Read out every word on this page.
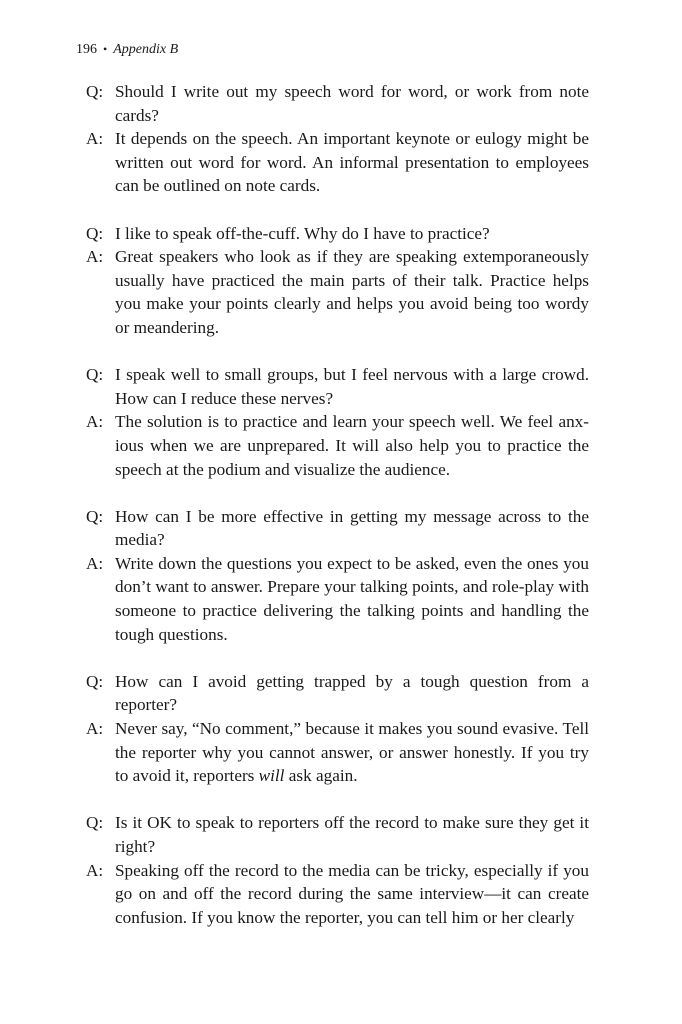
196 • Appendix B
Q: Should I write out my speech word for word, or work from note cards?
A: It depends on the speech. An important keynote or eulogy might be written out word for word. An informal presentation to employees can be outlined on note cards.
Q: I like to speak off-the-cuff. Why do I have to practice?
A: Great speakers who look as if they are speaking extemporaneously usually have practiced the main parts of their talk. Practice helps you make your points clearly and helps you avoid being too wordy or meandering.
Q: I speak well to small groups, but I feel nervous with a large crowd. How can I reduce these nerves?
A: The solution is to practice and learn your speech well. We feel anxious when we are unprepared. It will also help you to practice the speech at the podium and visualize the audience.
Q: How can I be more effective in getting my message across to the media?
A: Write down the questions you expect to be asked, even the ones you don’t want to answer. Prepare your talking points, and role-play with someone to practice delivering the talking points and handling the tough questions.
Q: How can I avoid getting trapped by a tough question from a reporter?
A: Never say, “No comment,” because it makes you sound evasive. Tell the reporter why you cannot answer, or answer honestly. If you try to avoid it, reporters will ask again.
Q: Is it OK to speak to reporters off the record to make sure they get it right?
A: Speaking off the record to the media can be tricky, especially if you go on and off the record during the same interview—it can create confusion. If you know the reporter, you can tell him or her clearly
